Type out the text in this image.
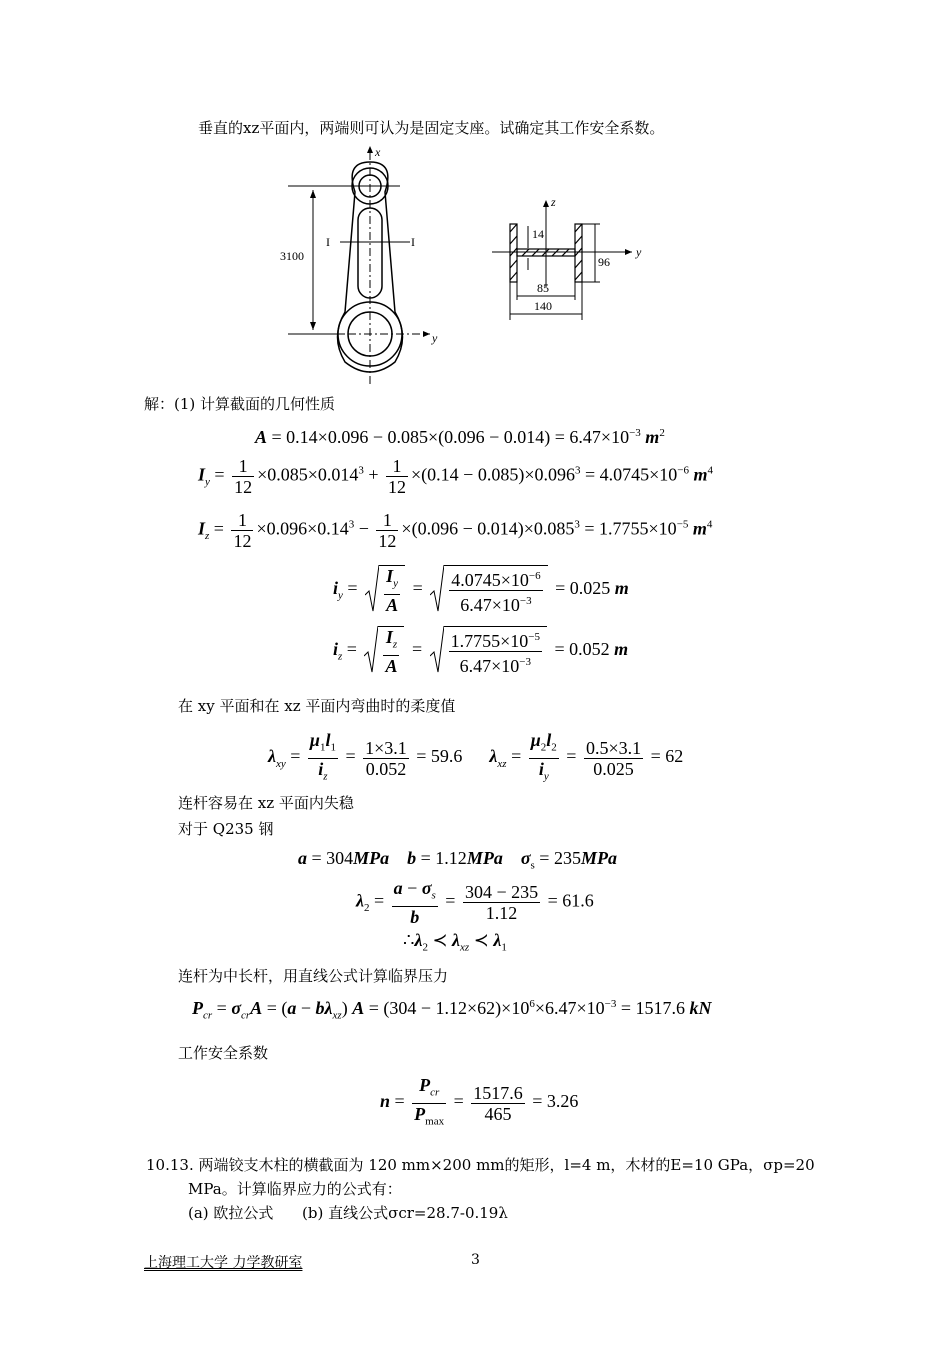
垂直的xz平面内，两端则可认为是固定支座。试确定其工作安全系数。
x
y
3100
I	I
z
y
14
96
85
140
解：(1) 计算截面的几何性质
$A = 0.14\times 0.096 - 0.085\times(0.096 - 0.014) = 6.47\times 10^{-3}$ $m^2$
$I_y = \frac{1}{12} \times 0.085\times 0.014^3 + \frac{1}{12} \times(0.14 - 0.085)\times 0.096^3 = 4.0745\times 10^{-6}$ $m^4$
$I_z = \frac{1}{12} \times 0.096\times 0.14^3 - \frac{1}{12} \times(0.096 - 0.014)\times 0.085^3 = 1.7755\times 10^{-5}$ $m^4$
$i_y = \frac{I_y}{A} = \frac{4.0745\times 10^{-6}}{6.47\times 10^{-3}} = 0.025$ m
$i_z = \frac{I_z}{A} = \frac{1.7755\times 10^{-5}}{6.47\times 10^{-3}} = 0.052$ m
在 xy 平面和在 xz 平面内弯曲时的柔度值
$\lambda_{xy} = \frac{\mu_1l_1}{i_z} = \frac{1\times 3.1}{0.052} = 59.6$ $\lambda_{xz} = \frac{\mu_2l_2}{i_y} = \frac{0.5\times 3.1}{0.025} = 62$
连杆容易在 xz 平面内失稳
对于 Q235 钢
a = 304MPa b = 1.12MPa $\sigma_s = 235MPa$
$\lambda_2 = \frac{a - \sigma_s}{b} = \frac{304 - 235}{1.12} = 61.6$
$\therefore\lambda_2$ ≺ $\lambda_{xz}$ ≺ $\lambda_1$
连杆为中长杆，用直线公式计算临界压力
$P_{cr} = \sigma_{cr}A = (a - b\lambda_{xz}) A = (304 - 1.12\times 62)\times 10^6\times 6.47\times 10^{-3} = 1517.6$ kN
工作安全系数
$n = \frac{P_{cr}}{P_{max}} = \frac{1517.6}{465} = 3.26$
10.13. 两端铰支木柱的横截面为 120 mm×200 mm的矩形，l=4 m，木材的E=10 GPa，σp=20
MPa。计算临界应力的公式有：
(a) 欧拉公式 (b) 直线公式σcr=28.7-0.19λ
上海理工大学 力学教研室	3
